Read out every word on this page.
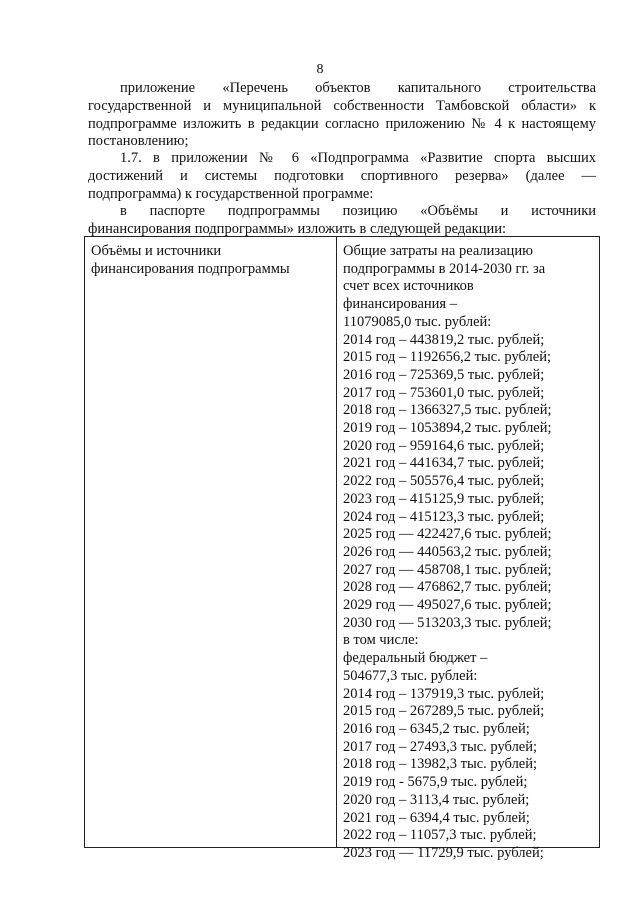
8
приложение «Перечень объектов капитального строительства
государственной и муниципальной собственности Тамбовской области» к
подпрограмме изложить в редакции согласно приложению № 4 к настоящему
постановлению;
1.7. в приложении № 6 «Подпрограмма «Развитие спорта высших
достижений и системы подготовки спортивного резерва» (далее —
подпрограмма) к государственной программе:
в паспорте подпрограммы позицию «Объёмы и источники
финансирования подпрограммы» изложить в следующей редакции:
Объёмы и источники
финансирования подпрограммы
Общие затраты на реализацию
подпрограммы в 2014-2030 гг. за
счет всех источников
финансирования –
11079085,0 тыс. рублей:
2014 год – 443819,2 тыс. рублей;
2015 год – 1192656,2 тыс. рублей;
2016 год – 725369,5 тыс. рублей;
2017 год – 753601,0 тыс. рублей;
2018 год – 1366327,5 тыс. рублей;
2019 год – 1053894,2 тыс. рублей;
2020 год – 959164,6 тыс. рублей;
2021 год – 441634,7 тыс. рублей;
2022 год – 505576,4 тыс. рублей;
2023 год – 415125,9 тыс. рублей;
2024 год – 415123,3 тыс. рублей;
2025 год — 422427,6 тыс. рублей;
2026 год — 440563,2 тыс. рублей;
2027 год — 458708,1 тыс. рублей;
2028 год — 476862,7 тыс. рублей;
2029 год — 495027,6 тыс. рублей;
2030 год — 513203,3 тыс. рублей;
в том числе:
федеральный бюджет –
504677,3 тыс. рублей:
2014 год – 137919,3 тыс. рублей;
2015 год – 267289,5 тыс. рублей;
2016 год – 6345,2 тыс. рублей;
2017 год – 27493,3 тыс. рублей;
2018 год – 13982,3 тыс. рублей;
2019 год - 5675,9 тыс. рублей;
2020 год – 3113,4 тыс. рублей;
2021 год – 6394,4 тыс. рублей;
2022 год – 11057,3 тыс. рублей;
2023 год — 11729,9 тыс. рублей;
